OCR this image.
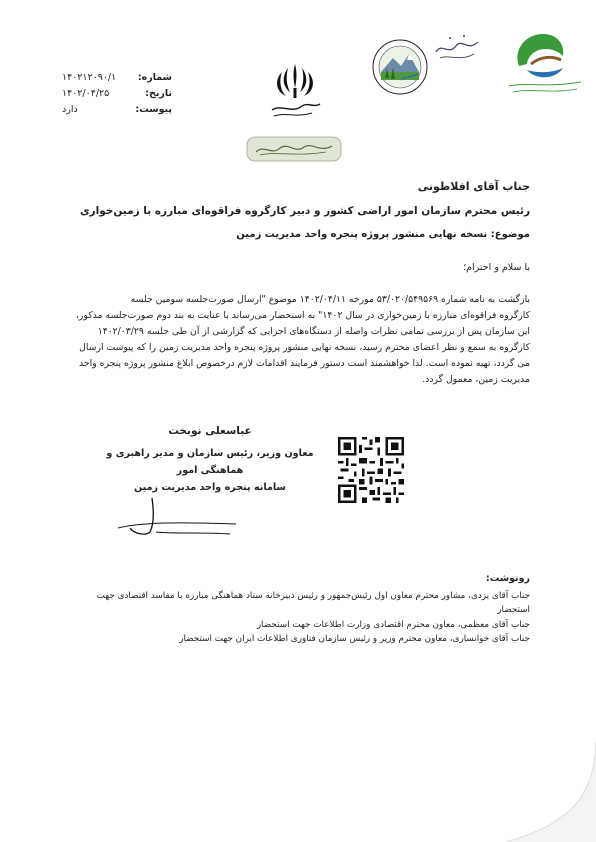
شماره:
۱۴۰۲۱۲۰۹۰/۱
تاریخ:
۱۴۰۲/۰۴/۲۵
پیوست:
دارد
جناب آقای افلاطونی
رئیس محترم سازمان امور اراضی کشور و دبیر کارگروه فراقوه‌ای مبارزه با زمین‌خواری
موضوع: نسخه نهایی منشور پروژه پنجره واحد مدیریت زمین
با سلام و احترام؛
بازگشت به نامه شماره ۵۳/۰۲۰/۵۴۹۵۶۹ مورخه ۱۴۰۲/۰۴/۱۱ موضوع "ارسال صورت‌جلسه سومین جلسه
کارگروه فراقوه‌ای مبارزه با زمین‌خواری در سال ۱۴۰۲" به استحضار می‌رساند با عنایت به بند دوم صورت‌جلسه مذکور،
این سازمان پس از بررسی تمامی نظرات واصله از دستگاه‌های اجرایی که گزارشی از آن طی جلسه ۱۴۰۲/۰۳/۲۹
کارگروه به سمع و نظر اعضای محترم رسید، نسخه نهایی منشور پروژه پنجره واحد مدیریت زمین را که پیوست ارسال
می گردد، تهیه نموده است. لذا خواهشمند است دستور فرمایند اقدامات لازم درخصوص ابلاغ منشور پروژه پنجره واحد
مدیریت زمین، معمول گردد.
عباسعلی نوبخت
معاون وزیر، رئیس سازمان و مدیر راهبری و هماهنگی امور
سامانه پنجره واحد مدیریت زمین
رونوشت:
جناب آقای یزدی، مشاور محترم معاون اول رئیس‌جمهور و رئیس دبیرخانه ستاد هماهنگی مبارزه با مفاسد اقتصادی جهت استحضار
جناب آقای معظمی، معاون محترم اقتصادی وزارت اطلاعات جهت استحضار
جناب آقای خوانساری، معاون محترم وزیر و رئیس سازمان فناوری اطلاعات ایران جهت استحضار
